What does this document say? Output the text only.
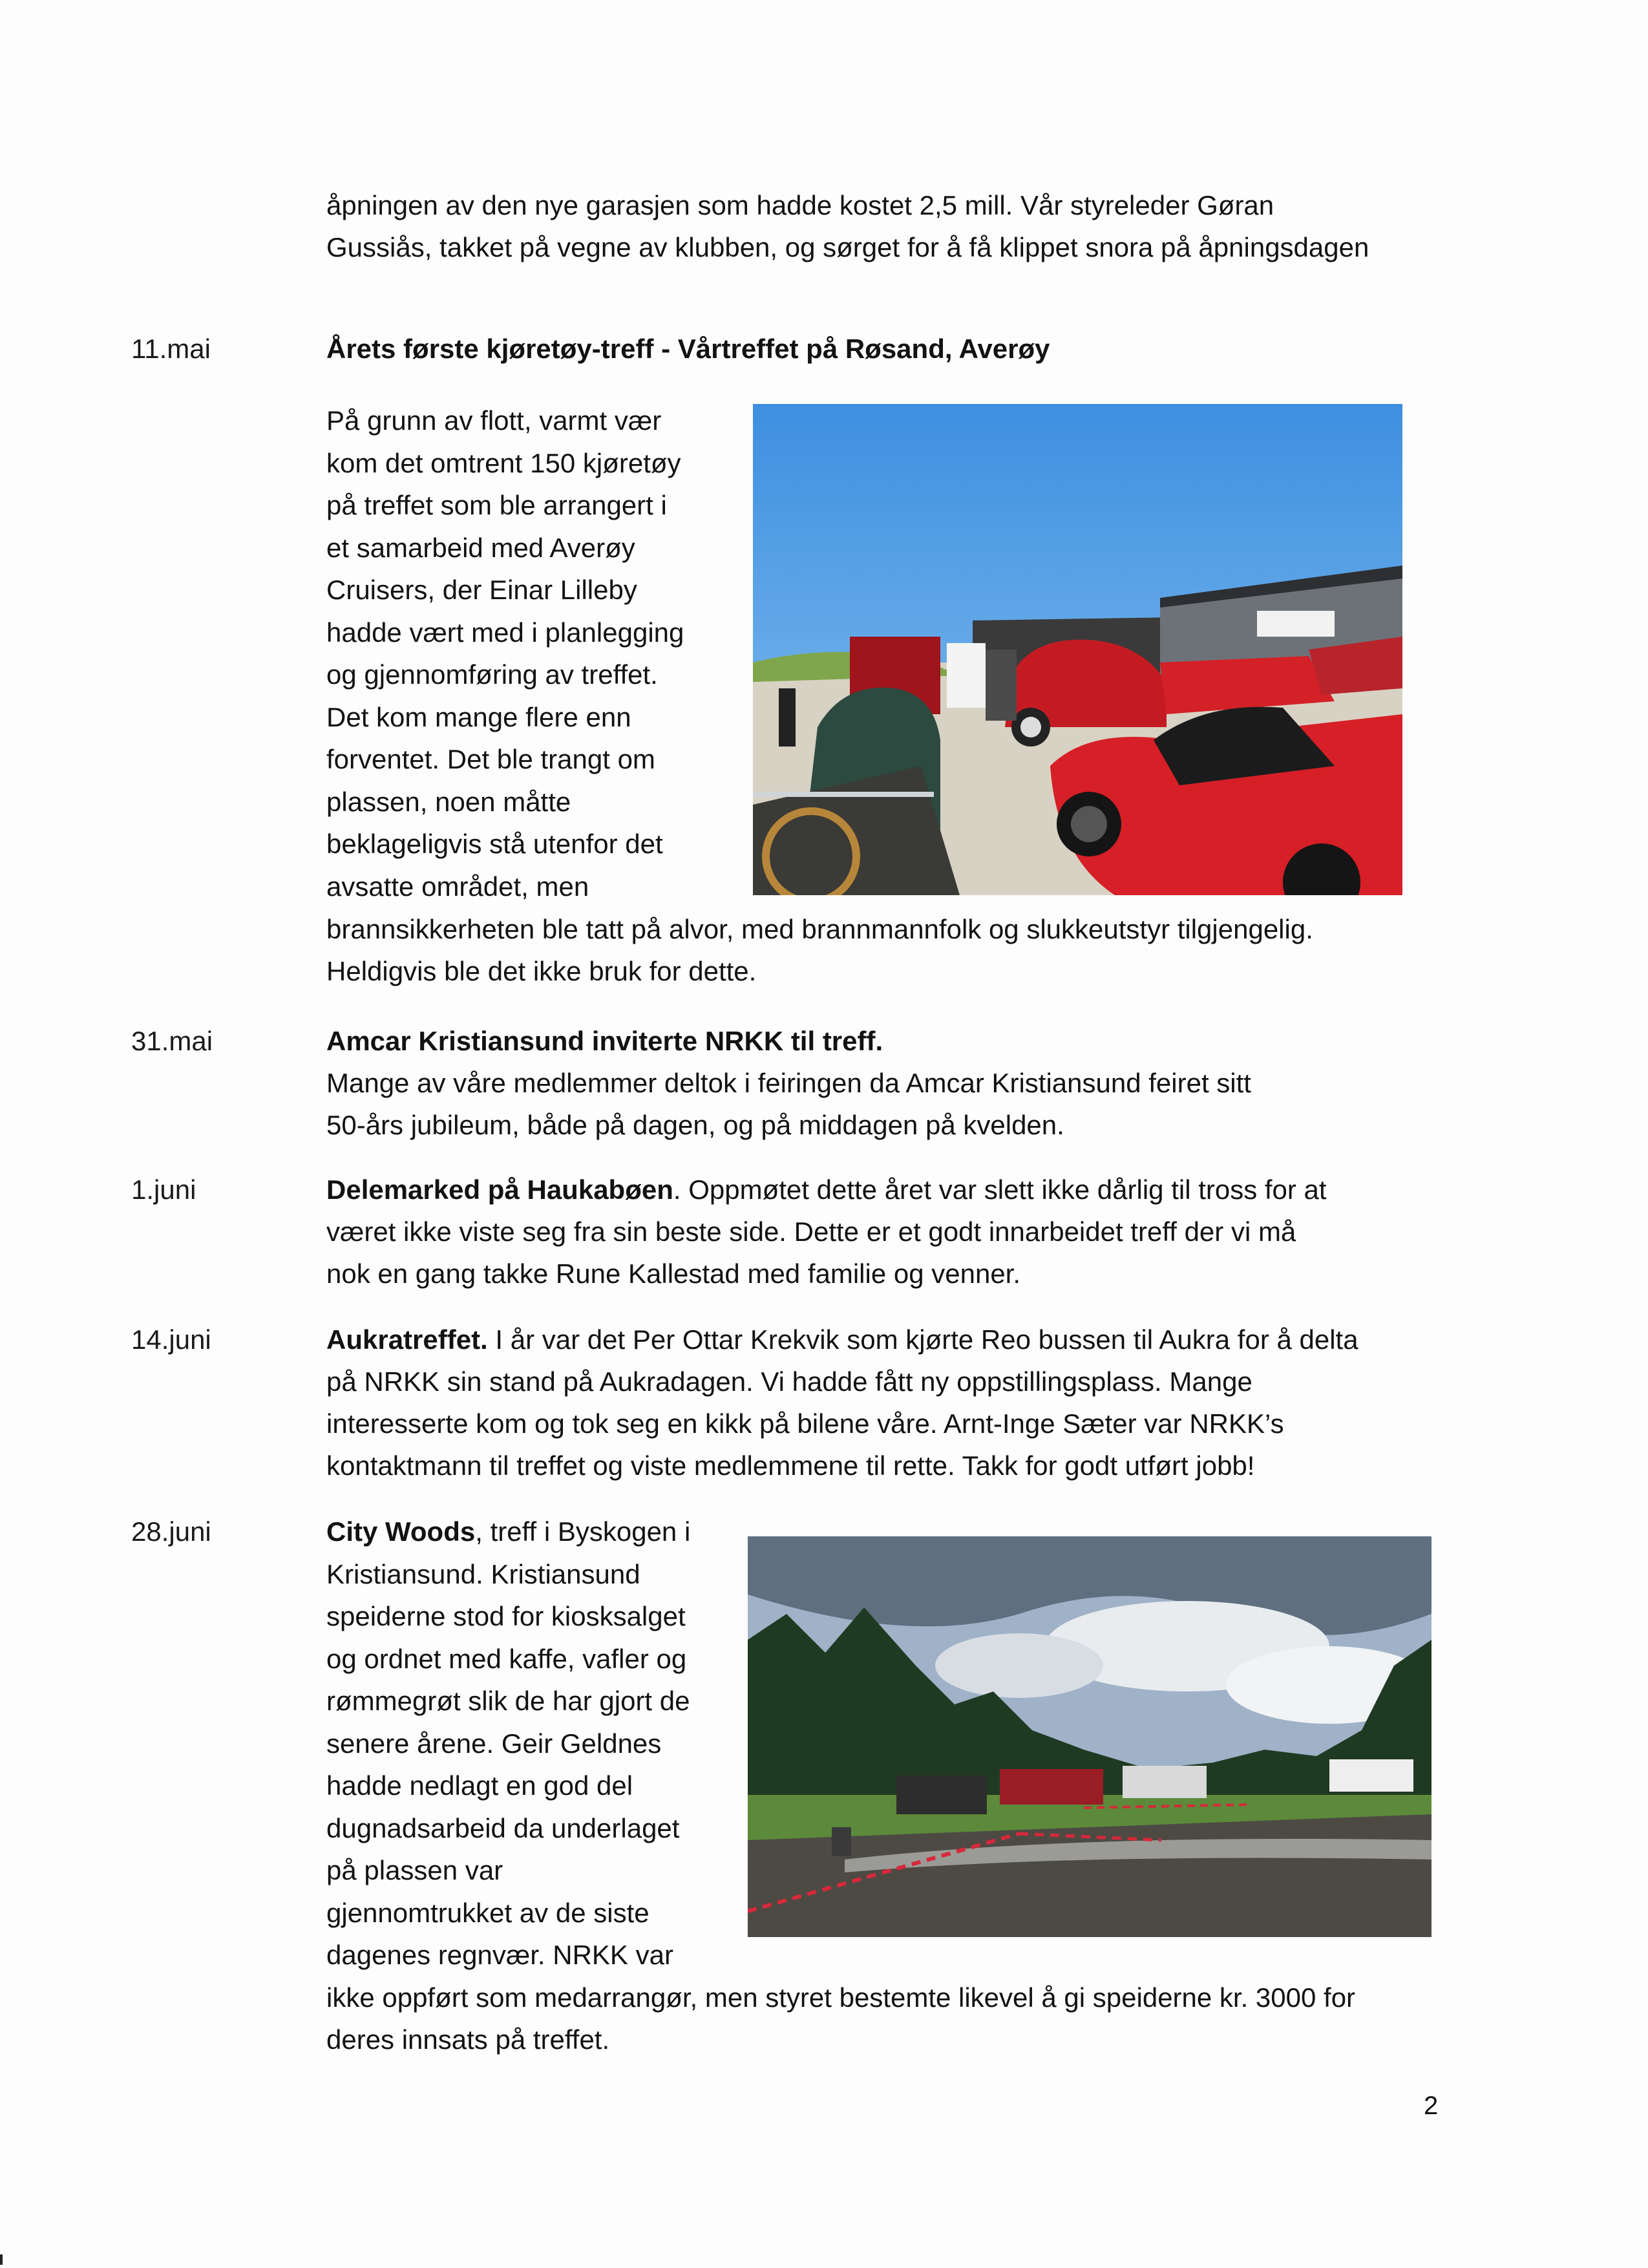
åpningen av den nye garasjen som hadde kostet 2,5 mill. Vår styreleder Gøran
Gussiås, takket på vegne av klubben, og sørget for å få klippet snora på åpningsdagen
11.mai	Årets første kjøretøy-treff - Vårtreffet på Røsand, Averøy
På grunn av flott, varmt vær
kom det omtrent 150 kjøretøy
på treffet som ble arrangert i
et samarbeid med Averøy
Cruisers, der Einar Lilleby
hadde vært med i planlegging
og gjennomføring av treffet.
Det kom mange flere enn
forventet. Det ble trangt om
plassen, noen måtte
beklageligvis stå utenfor det
avsatte området, men
brannsikkerheten ble tatt på alvor, med brannmannfolk og slukkeutstyr tilgjengelig.
Heldigvis ble det ikke bruk for dette.
31.mai	Amcar Kristiansund inviterte NRKK til treff.
Mange av våre medlemmer deltok i feiringen da Amcar Kristiansund feiret sitt
50-års jubileum, både på dagen, og på middagen på kvelden.
1.juni	Delemarked på Haukabøen. Oppmøtet dette året var slett ikke dårlig til tross for at
været ikke viste seg fra sin beste side. Dette er et godt innarbeidet treff der vi må
nok en gang takke Rune Kallestad med familie og venner.
14.juni	Aukratreffet. I år var det Per Ottar Krekvik som kjørte Reo bussen til Aukra for å delta
på NRKK sin stand på Aukradagen. Vi hadde fått ny oppstillingsplass. Mange
interesserte kom og tok seg en kikk på bilene våre. Arnt-Inge Sæter var NRKK’s
kontaktmann til treffet og viste medlemmene til rette. Takk for godt utført jobb!
28.juni	City Woods, treff i Byskogen i
Kristiansund. Kristiansund
speiderne stod for kiosksalget
og ordnet med kaffe, vafler og
rømmegrøt slik de har gjort de
senere årene. Geir Geldnes
hadde nedlagt en god del
dugnadsarbeid da underlaget
på plassen var
gjennomtrukket av de siste
dagenes regnvær. NRKK var
ikke oppført som medarrangør, men styret bestemte likevel å gi speiderne kr. 3000 for
deres innsats på treffet.
2
